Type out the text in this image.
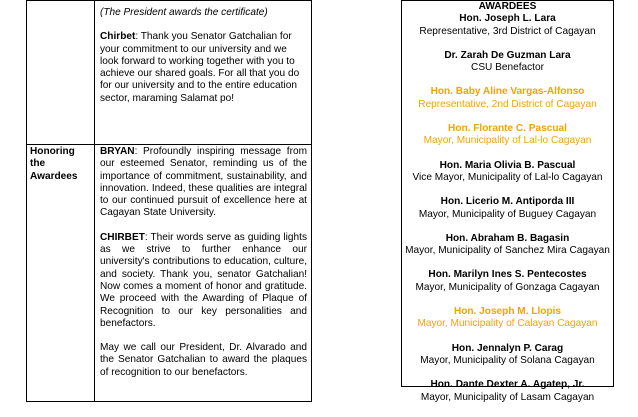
	(The President awards the certificate)

Chirbet: Thank you Senator Gatchalian for your commitment to our university and we look forward to working together with you to achieve our shared goals. For all that you do for our university and to the entire education sector, maraming Salamat po!

Honoring the Awardees	BRYAN: Profoundly inspiring message from our esteemed Senator, reminding us of the importance of commitment, sustainability, and innovation. Indeed, these qualities are integral to our continued pursuit of excellence here at Cagayan State University.

CHIRBET: Their words serve as guiding lights as we strive to further enhance our university's contributions to education, culture, and society. Thank you, senator Gatchalian! Now comes a moment of honor and gratitude. We proceed with the Awarding of Plaque of Recognition to our key personalities and benefactors.

May we call our President, Dr. Alvarado and the Senator Gatchalian to award the plaques of recognition to our benefactors.

AWARDEES
Hon. Joseph L. Lara
Representative, 3rd District of Cagayan
Dr. Zarah De Guzman Lara
CSU Benefactor
Hon. Baby Aline Vargas-Alfonso
Representative, 2nd District of Cagayan
Hon. Florante C. Pascual
Mayor, Municipality of Lal-lo Cagayan
Hon. Maria Olivia B. Pascual
Vice Mayor, Municipality of Lal-lo Cagayan
Hon. Licerio M. Antiporda III
Mayor, Municipality of Buguey Cagayan
Hon. Abraham B. Bagasin
Mayor, Municipality of Sanchez Mira Cagayan
Hon. Marilyn Ines S. Pentecostes
Mayor, Municipality of Gonzaga Cagayan
Hon. Joseph M. Llopis
Mayor, Municipality of Calayan Cagayan
Hon. Jennalyn P. Carag
Mayor, Municipality of Solana Cagayan
Hon. Dante Dexter A. Agatep, Jr.
Mayor, Municipality of Lasam Cagayan
